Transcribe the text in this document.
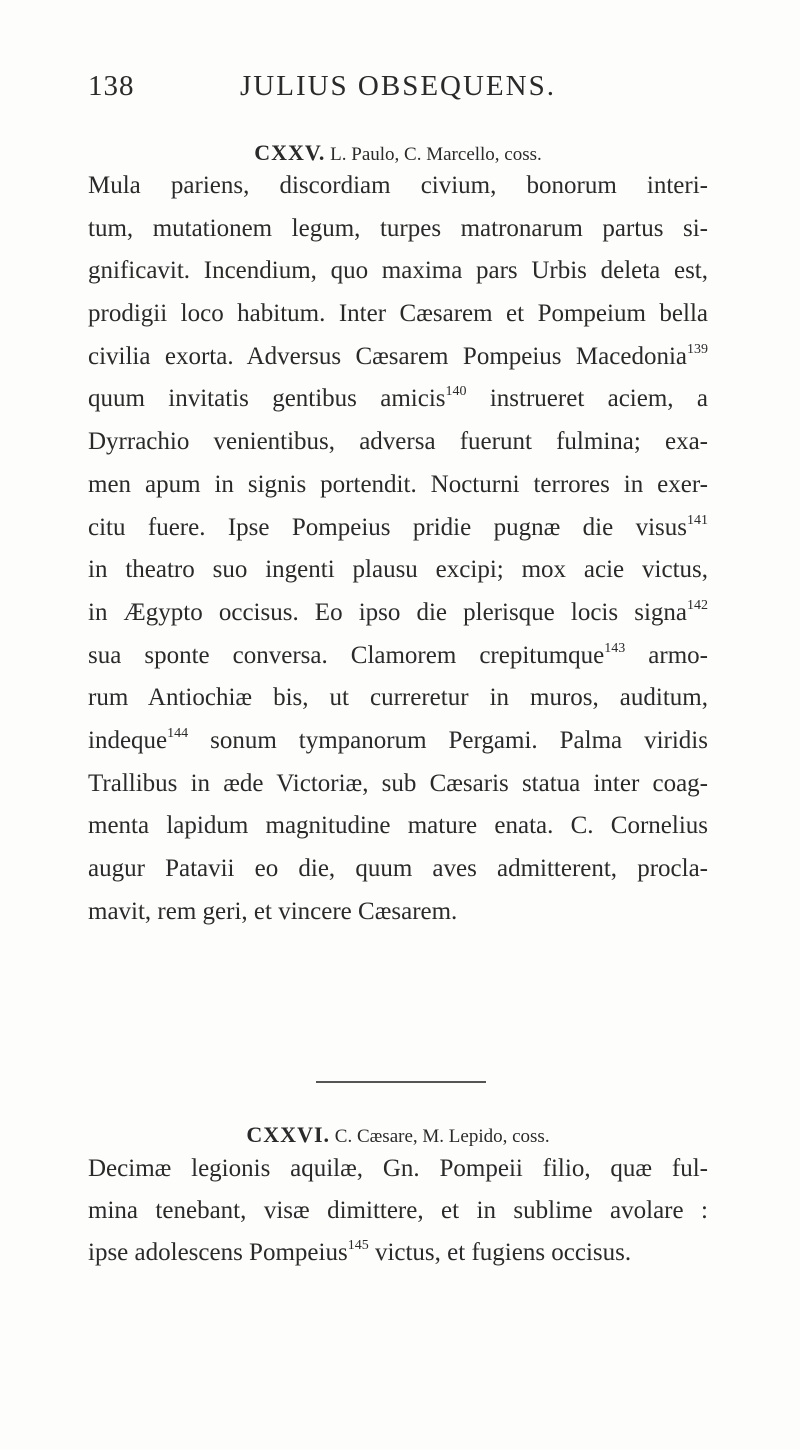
138	JULIUS OBSEQUENS.
CXXV. L. Paulo, C. Marcello, coss.
Mula pariens, discordiam civium, bonorum interi-
tum, mutationem legum, turpes matronarum partus si-
gnificavit. Incendium, quo maxima pars Urbis deleta est,
prodigii loco habitum. Inter Cæsarem et Pompeium bella
civilia exorta. Adversus Cæsarem Pompeius Macedonia$^{139}$
quum invitatis gentibus amicis$^{140}$ instrueret aciem, a
Dyrrachio venientibus, adversa fuerunt fulmina; exa-
men apum in signis portendit. Nocturni terrores in exer-
citu fuere. Ipse Pompeius pridie pugnæ die visus$^{141}$
in theatro suo ingenti plausu excipi; mox acie victus,
in Ægypto occisus. Eo ipso die plerisque locis signa$^{142}$
sua sponte conversa. Clamorem crepitumque$^{143}$ armo-
rum Antiochiæ bis, ut curreretur in muros, auditum,
indeque$^{144}$ sonum tympanorum Pergami. Palma viridis
Trallibus in æde Victoriæ, sub Cæsaris statua inter coag-
menta lapidum magnitudine mature enata. C. Cornelius
augur Patavii eo die, quum aves admitterent, procla-
mavit, rem geri, et vincere Cæsarem.
CXXVI. C. Cæsare, M. Lepido, coss.
Decimæ legionis aquilæ, Gn. Pompeii filio, quæ ful-
mina tenebant, visæ dimittere, et in sublime avolare :
ipse adolescens Pompeius$^{145}$ victus, et fugiens occisus.
